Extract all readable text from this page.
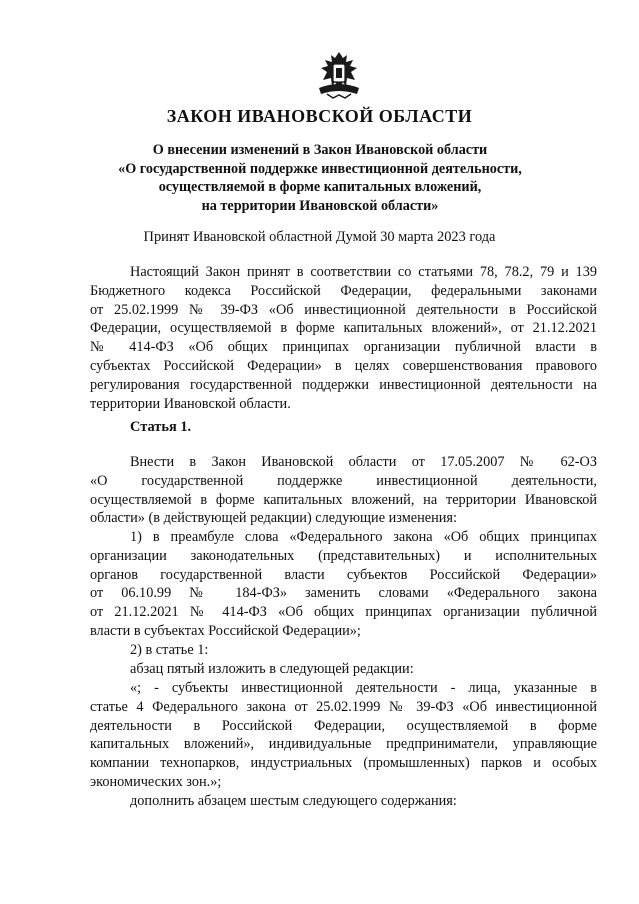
ЗАКОН ИВАНОВСКОЙ ОБЛАСТИ
О внесении изменений в Закон Ивановской области
«О государственной поддержке инвестиционной деятельности,
осуществляемой в форме капитальных вложений,
на территории Ивановской области»
Принят Ивановской областной Думой 30 марта 2023 года
Настоящий Закон принят в соответствии со статьями 78, 78.2, 79 и 139
Бюджетного кодекса Российской Федерации, федеральными законами
от 25.02.1999 № 39-ФЗ «Об инвестиционной деятельности в Российской
Федерации, осуществляемой в форме капитальных вложений», от 21.12.2021
№ 414-ФЗ «Об общих принципах организации публичной власти в
субъектах Российской Федерации» в целях совершенствования правового
регулирования государственной поддержки инвестиционной деятельности на
территории Ивановской области.
Статья 1.
Внести в Закон Ивановской области от 17.05.2007 № 62-ОЗ
«О государственной поддержке инвестиционной деятельности,
осуществляемой в форме капитальных вложений, на территории Ивановской
области» (в действующей редакции) следующие изменения:
1) в преамбуле слова «Федерального закона «Об общих принципах
организации законодательных (представительных) и исполнительных
органов государственной власти субъектов Российской Федерации»
от 06.10.99 № 184-ФЗ» заменить словами «Федерального закона
от 21.12.2021 № 414-ФЗ «Об общих принципах организации публичной
власти в субъектах Российской Федерации»;
2) в статье 1:
абзац пятый изложить в следующей редакции:
«; - субъекты инвестиционной деятельности - лица, указанные в
статье 4 Федерального закона от 25.02.1999 № 39-ФЗ «Об инвестиционной
деятельности в Российской Федерации, осуществляемой в форме
капитальных вложений», индивидуальные предприниматели, управляющие
компании технопарков, индустриальных (промышленных) парков и особых
экономических зон.»;
дополнить абзацем шестым следующего содержания:
